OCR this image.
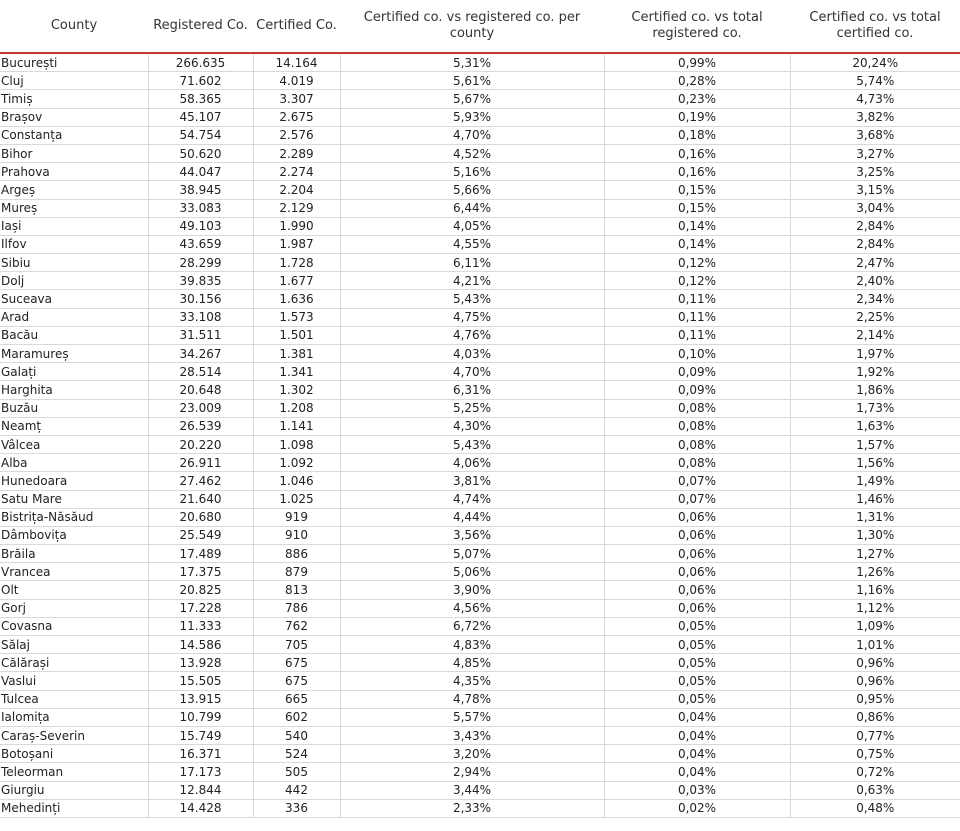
County	Registered Co.	Certified Co.	Certified co. vs registered co. per county	Certified co. vs total registered co.	Certified co. vs total certified co.
București	266.635	14.164	5,31%	0,99%	20,24%
Cluj	71.602	4.019	5,61%	0,28%	5,74%
Timiș	58.365	3.307	5,67%	0,23%	4,73%
Brașov	45.107	2.675	5,93%	0,19%	3,82%
Constanța	54.754	2.576	4,70%	0,18%	3,68%
Bihor	50.620	2.289	4,52%	0,16%	3,27%
Prahova	44.047	2.274	5,16%	0,16%	3,25%
Argeș	38.945	2.204	5,66%	0,15%	3,15%
Mureș	33.083	2.129	6,44%	0,15%	3,04%
Iași	49.103	1.990	4,05%	0,14%	2,84%
Ilfov	43.659	1.987	4,55%	0,14%	2,84%
Sibiu	28.299	1.728	6,11%	0,12%	2,47%
Dolj	39.835	1.677	4,21%	0,12%	2,40%
Suceava	30.156	1.636	5,43%	0,11%	2,34%
Arad	33.108	1.573	4,75%	0,11%	2,25%
Bacău	31.511	1.501	4,76%	0,11%	2,14%
Maramureș	34.267	1.381	4,03%	0,10%	1,97%
Galați	28.514	1.341	4,70%	0,09%	1,92%
Harghita	20.648	1.302	6,31%	0,09%	1,86%
Buzău	23.009	1.208	5,25%	0,08%	1,73%
Neamț	26.539	1.141	4,30%	0,08%	1,63%
Vâlcea	20.220	1.098	5,43%	0,08%	1,57%
Alba	26.911	1.092	4,06%	0,08%	1,56%
Hunedoara	27.462	1.046	3,81%	0,07%	1,49%
Satu Mare	21.640	1.025	4,74%	0,07%	1,46%
Bistrița-Năsăud	20.680	919	4,44%	0,06%	1,31%
Dâmbovița	25.549	910	3,56%	0,06%	1,30%
Brăila	17.489	886	5,07%	0,06%	1,27%
Vrancea	17.375	879	5,06%	0,06%	1,26%
Olt	20.825	813	3,90%	0,06%	1,16%
Gorj	17.228	786	4,56%	0,06%	1,12%
Covasna	11.333	762	6,72%	0,05%	1,09%
Sălaj	14.586	705	4,83%	0,05%	1,01%
Călărași	13.928	675	4,85%	0,05%	0,96%
Vaslui	15.505	675	4,35%	0,05%	0,96%
Tulcea	13.915	665	4,78%	0,05%	0,95%
Ialomița	10.799	602	5,57%	0,04%	0,86%
Caraș-Severin	15.749	540	3,43%	0,04%	0,77%
Botoșani	16.371	524	3,20%	0,04%	0,75%
Teleorman	17.173	505	2,94%	0,04%	0,72%
Giurgiu	12.844	442	3,44%	0,03%	0,63%
Mehedinți	14.428	336	2,33%	0,02%	0,48%
